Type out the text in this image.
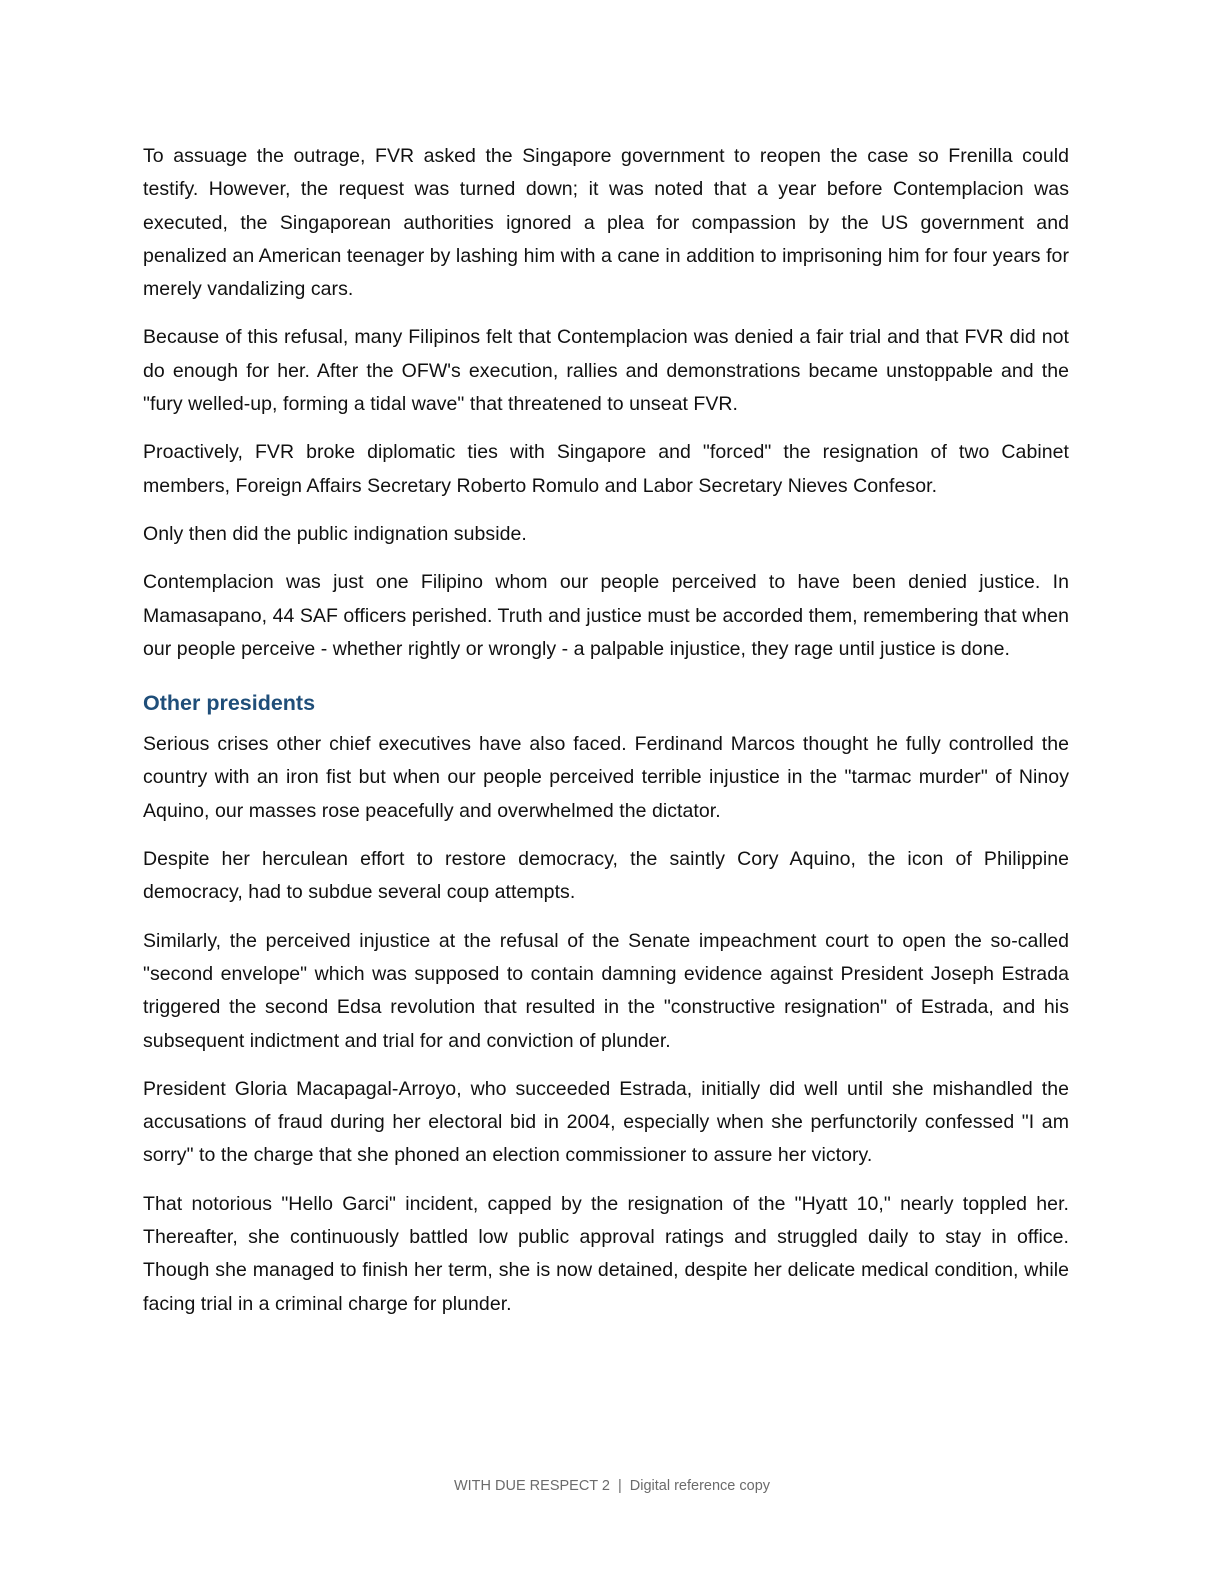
To assuage the outrage, FVR asked the Singapore government to reopen the case so Frenilla could testify. However, the request was turned down; it was noted that a year before Contemplacion was executed, the Singaporean authorities ignored a plea for compassion by the US government and penalized an American teenager by lashing him with a cane in addition to imprisoning him for four years for merely vandalizing cars.

Because of this refusal, many Filipinos felt that Contemplacion was denied a fair trial and that FVR did not do enough for her. After the OFW's execution, rallies and demonstrations became unstoppable and the "fury welled-up, forming a tidal wave" that threatened to unseat FVR.

Proactively, FVR broke diplomatic ties with Singapore and "forced" the resignation of two Cabinet members, Foreign Affairs Secretary Roberto Romulo and Labor Secretary Nieves Confesor.

Only then did the public indignation subside.

Contemplacion was just one Filipino whom our people perceived to have been denied justice. In Mamasapano, 44 SAF officers perished. Truth and justice must be accorded them, remembering that when our people perceive - whether rightly or wrongly - a palpable injustice, they rage until justice is done.

Other presidents

Serious crises other chief executives have also faced. Ferdinand Marcos thought he fully controlled the country with an iron fist but when our people perceived terrible injustice in the "tarmac murder" of Ninoy Aquino, our masses rose peacefully and overwhelmed the dictator.

Despite her herculean effort to restore democracy, the saintly Cory Aquino, the icon of Philippine democracy, had to subdue several coup attempts.

Similarly, the perceived injustice at the refusal of the Senate impeachment court to open the so-called "second envelope" which was supposed to contain damning evidence against President Joseph Estrada triggered the second Edsa revolution that resulted in the "constructive resignation" of Estrada, and his subsequent indictment and trial for and conviction of plunder.

President Gloria Macapagal-Arroyo, who succeeded Estrada, initially did well until she mishandled the accusations of fraud during her electoral bid in 2004, especially when she perfunctorily confessed "I am sorry" to the charge that she phoned an election commissioner to assure her victory.

That notorious "Hello Garci" incident, capped by the resignation of the "Hyatt 10," nearly toppled her. Thereafter, she continuously battled low public approval ratings and struggled daily to stay in office. Though she managed to finish her term, she is now detained, despite her delicate medical condition, while facing trial in a criminal charge for plunder.

WITH DUE RESPECT 2 | Digital reference copy
